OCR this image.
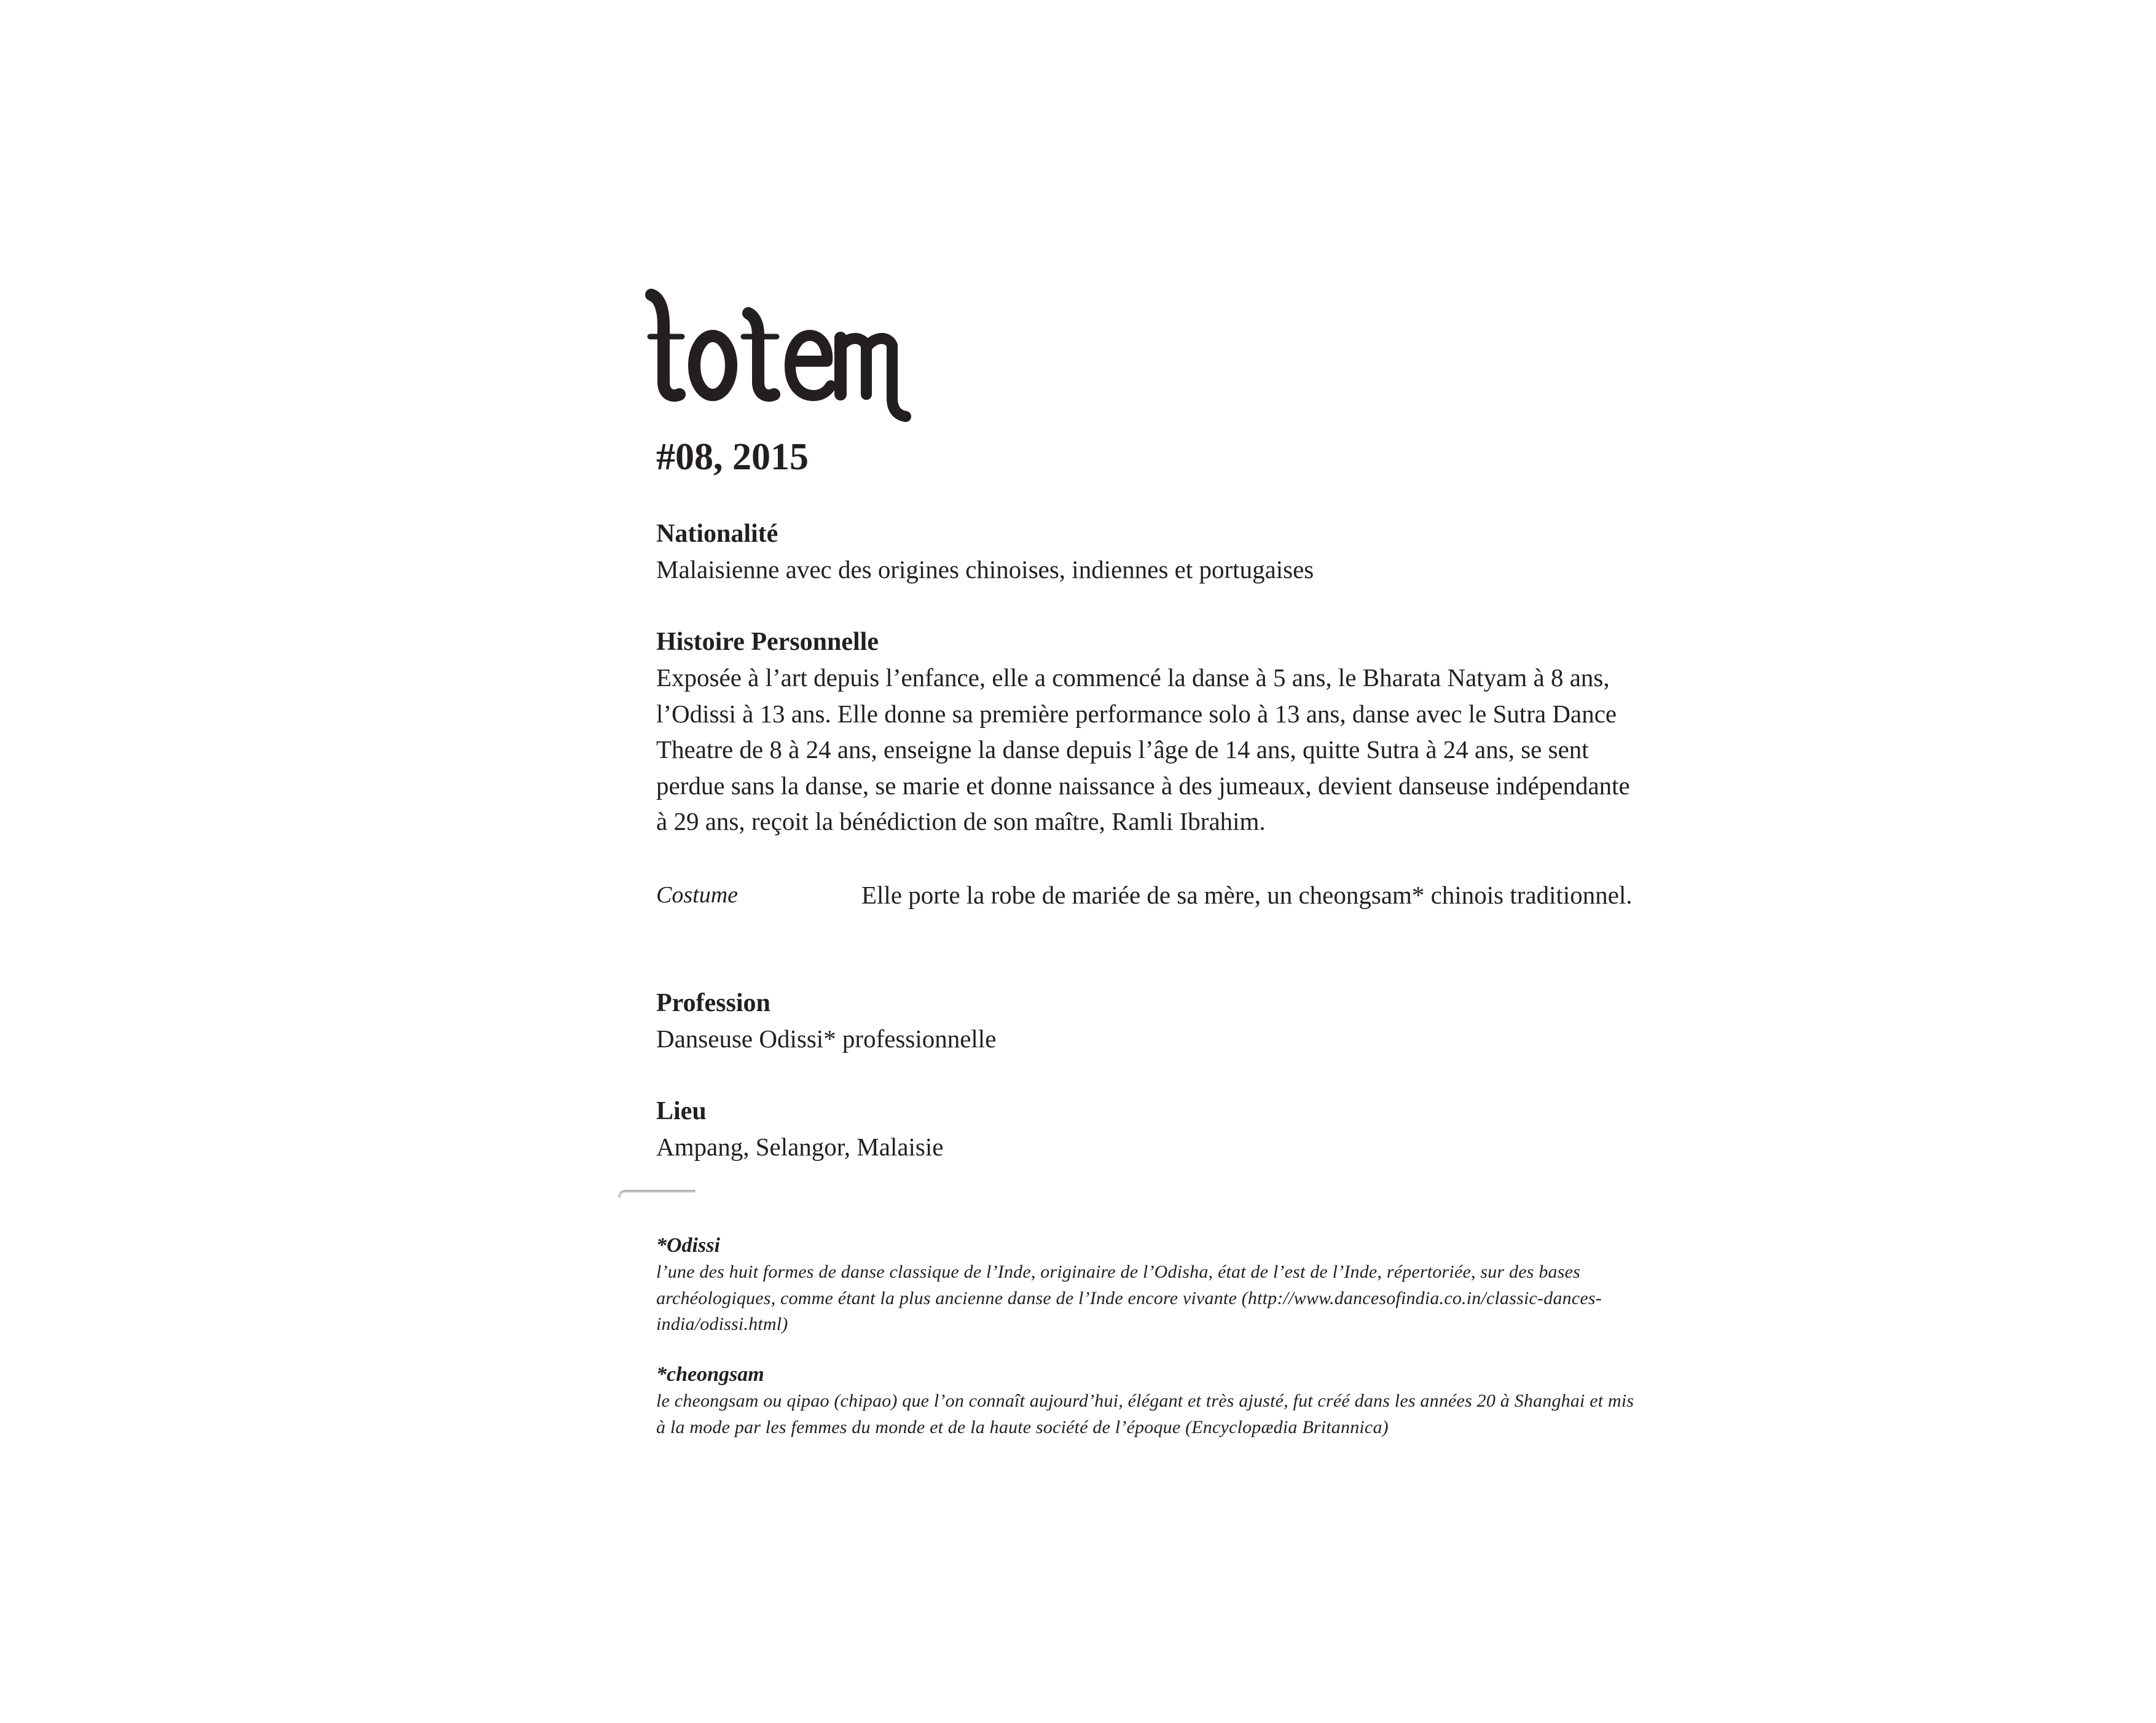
#08, 2015
Nationalité
Malaisienne avec des origines chinoises, indiennes et portugaises
Histoire Personnelle
Exposée à l’art depuis l’enfance, elle a commencé la danse à 5 ans, le Bharata Natyam à 8 ans, l’Odissi à 13 ans. Elle donne sa première performance solo à 13 ans, danse avec le Sutra Dance Theatre de 8 à 24 ans, enseigne la danse depuis l’âge de 14 ans, quitte Sutra à 24 ans, se sent perdue sans la danse, se marie et donne naissance à des jumeaux, devient danseuse indépendante à 29 ans, reçoit la bénédiction de son maître, Ramli Ibrahim.
Costume	Elle porte la robe de mariée de sa mère, un cheongsam* chinois traditionnel.
Profession
Danseuse Odissi* professionnelle
Lieu
Ampang, Selangor, Malaisie
*Odissi
l’une des huit formes de danse classique de l’Inde, originaire de l’Odisha, état de l’est de l’Inde, répertoriée, sur des bases archéologiques, comme étant la plus ancienne danse de l’Inde encore vivante (http://www.dancesofindia.co.in/classic-dances-india/odissi.html)
*cheongsam
le cheongsam ou qipao (chipao) que l’on connaît aujourd’hui, élégant et très ajusté, fut créé dans les années 20 à Shanghai et mis à la mode par les femmes du monde et de la haute société de l’époque (Encyclopædia Britannica)
